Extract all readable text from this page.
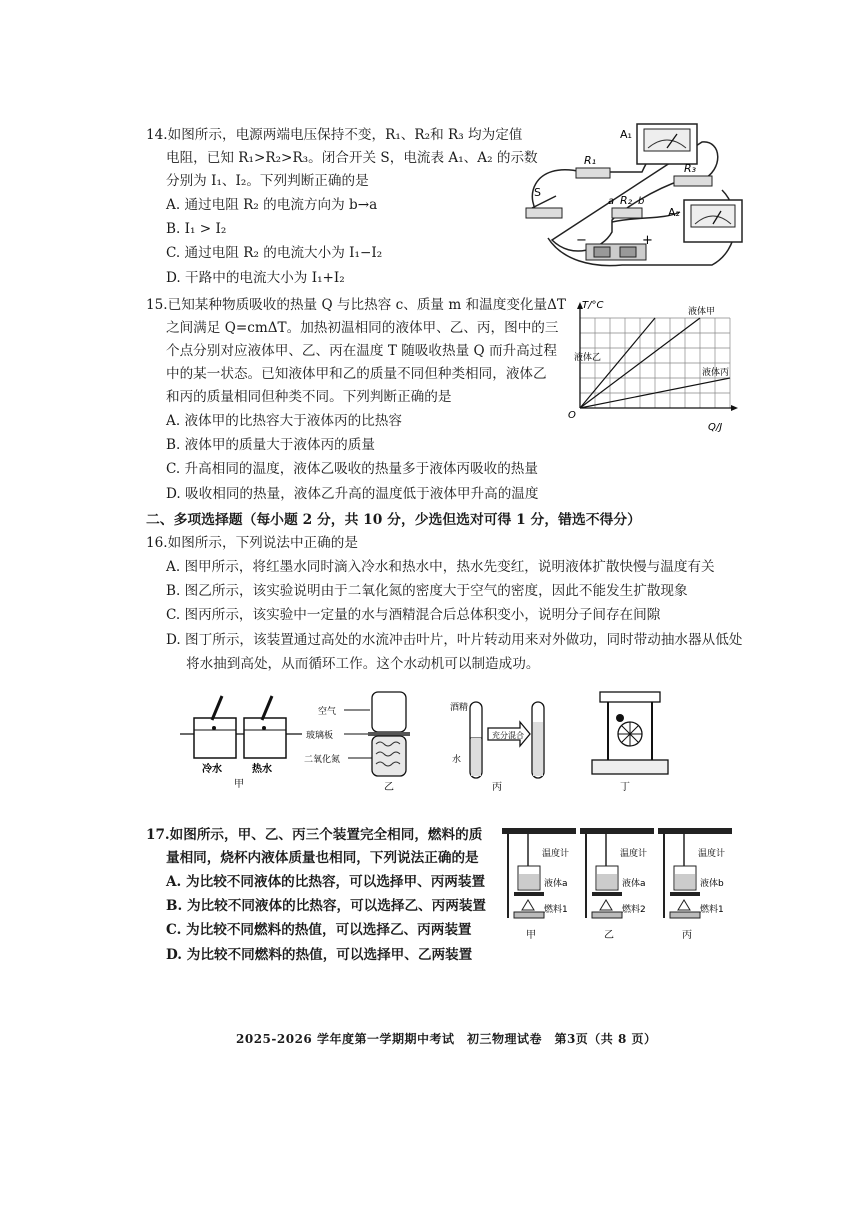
14.如图所示，电源两端电压保持不变，R₁、R₂和 R₃ 均为定值
电阻，已知 R₁>R₂>R₃。闭合开关 S，电流表 A₁、A₂ 的示数
分别为 I₁、I₂。下列判断正确的是
A. 通过电阻 R₂ 的电流方向为 b→a
B. I₁ > I₂
C. 通过电阻 R₂ 的电流大小为 I₁−I₂
D. 干路中的电流大小为 I₁+I₂
A₁
R₁
R₃
R₂
a b
S
A₂
−	+
15.已知某种物质吸收的热量 Q 与比热容 c、质量 m 和温度变化量ΔT
之间满足 Q=cmΔT。加热初温相同的液体甲、乙、丙，图中的三
个点分别对应液体甲、乙、丙在温度 T 随吸收热量 Q 而升高过程
中的某一状态。已知液体甲和乙的质量不同但种类相同，液体乙
和丙的质量相同但种类不同。下列判断正确的是
A. 液体甲的比热容大于液体丙的比热容
B. 液体甲的质量大于液体丙的质量
C. 升高相同的温度，液体乙吸收的热量多于液体丙吸收的热量
D. 吸收相同的热量，液体乙升高的温度低于液体甲升高的温度
T/°C
Q/J
O
液体甲
液体乙
液体丙
二、多项选择题（每小题 2 分，共 10 分，少选但选对可得 1 分，错选不得分）
16.如图所示，下列说法中正确的是
A. 图甲所示，将红墨水同时滴入冷水和热水中，热水先变红，说明液体扩散快慢与温度有关
B. 图乙所示，该实验说明由于二氧化氮的密度大于空气的密度，因此不能发生扩散现象
C. 图丙所示，该实验中一定量的水与酒精混合后总体积变小，说明分子间存在间隙
D. 图丁所示，该装置通过高处的水流冲击叶片，叶片转动用来对外做功，同时带动抽水器从低处
将水抽到高处，从而循环工作。这个水动机可以制造成功。
冷水	热水
甲
空气
玻璃板
二氧化氮
乙
充分混合
酒精
水
丙	丁
17.如图所示，甲、乙、丙三个装置完全相同，燃料的质
量相同，烧杯内液体质量也相同，下列说法正确的是
A. 为比较不同液体的比热容，可以选择甲、丙两装置
B. 为比较不同液体的比热容，可以选择乙、丙两装置
C. 为比较不同燃料的热值，可以选择乙、丙两装置
D. 为比较不同燃料的热值，可以选择甲、乙两装置
温度计
液体a
燃料1
甲
温度计
液体a
燃料2
乙
温度计
液体b
燃料1
丙
2025-2026 学年度第一学期期中考试　初三物理试卷　第3页（共 8 页）
